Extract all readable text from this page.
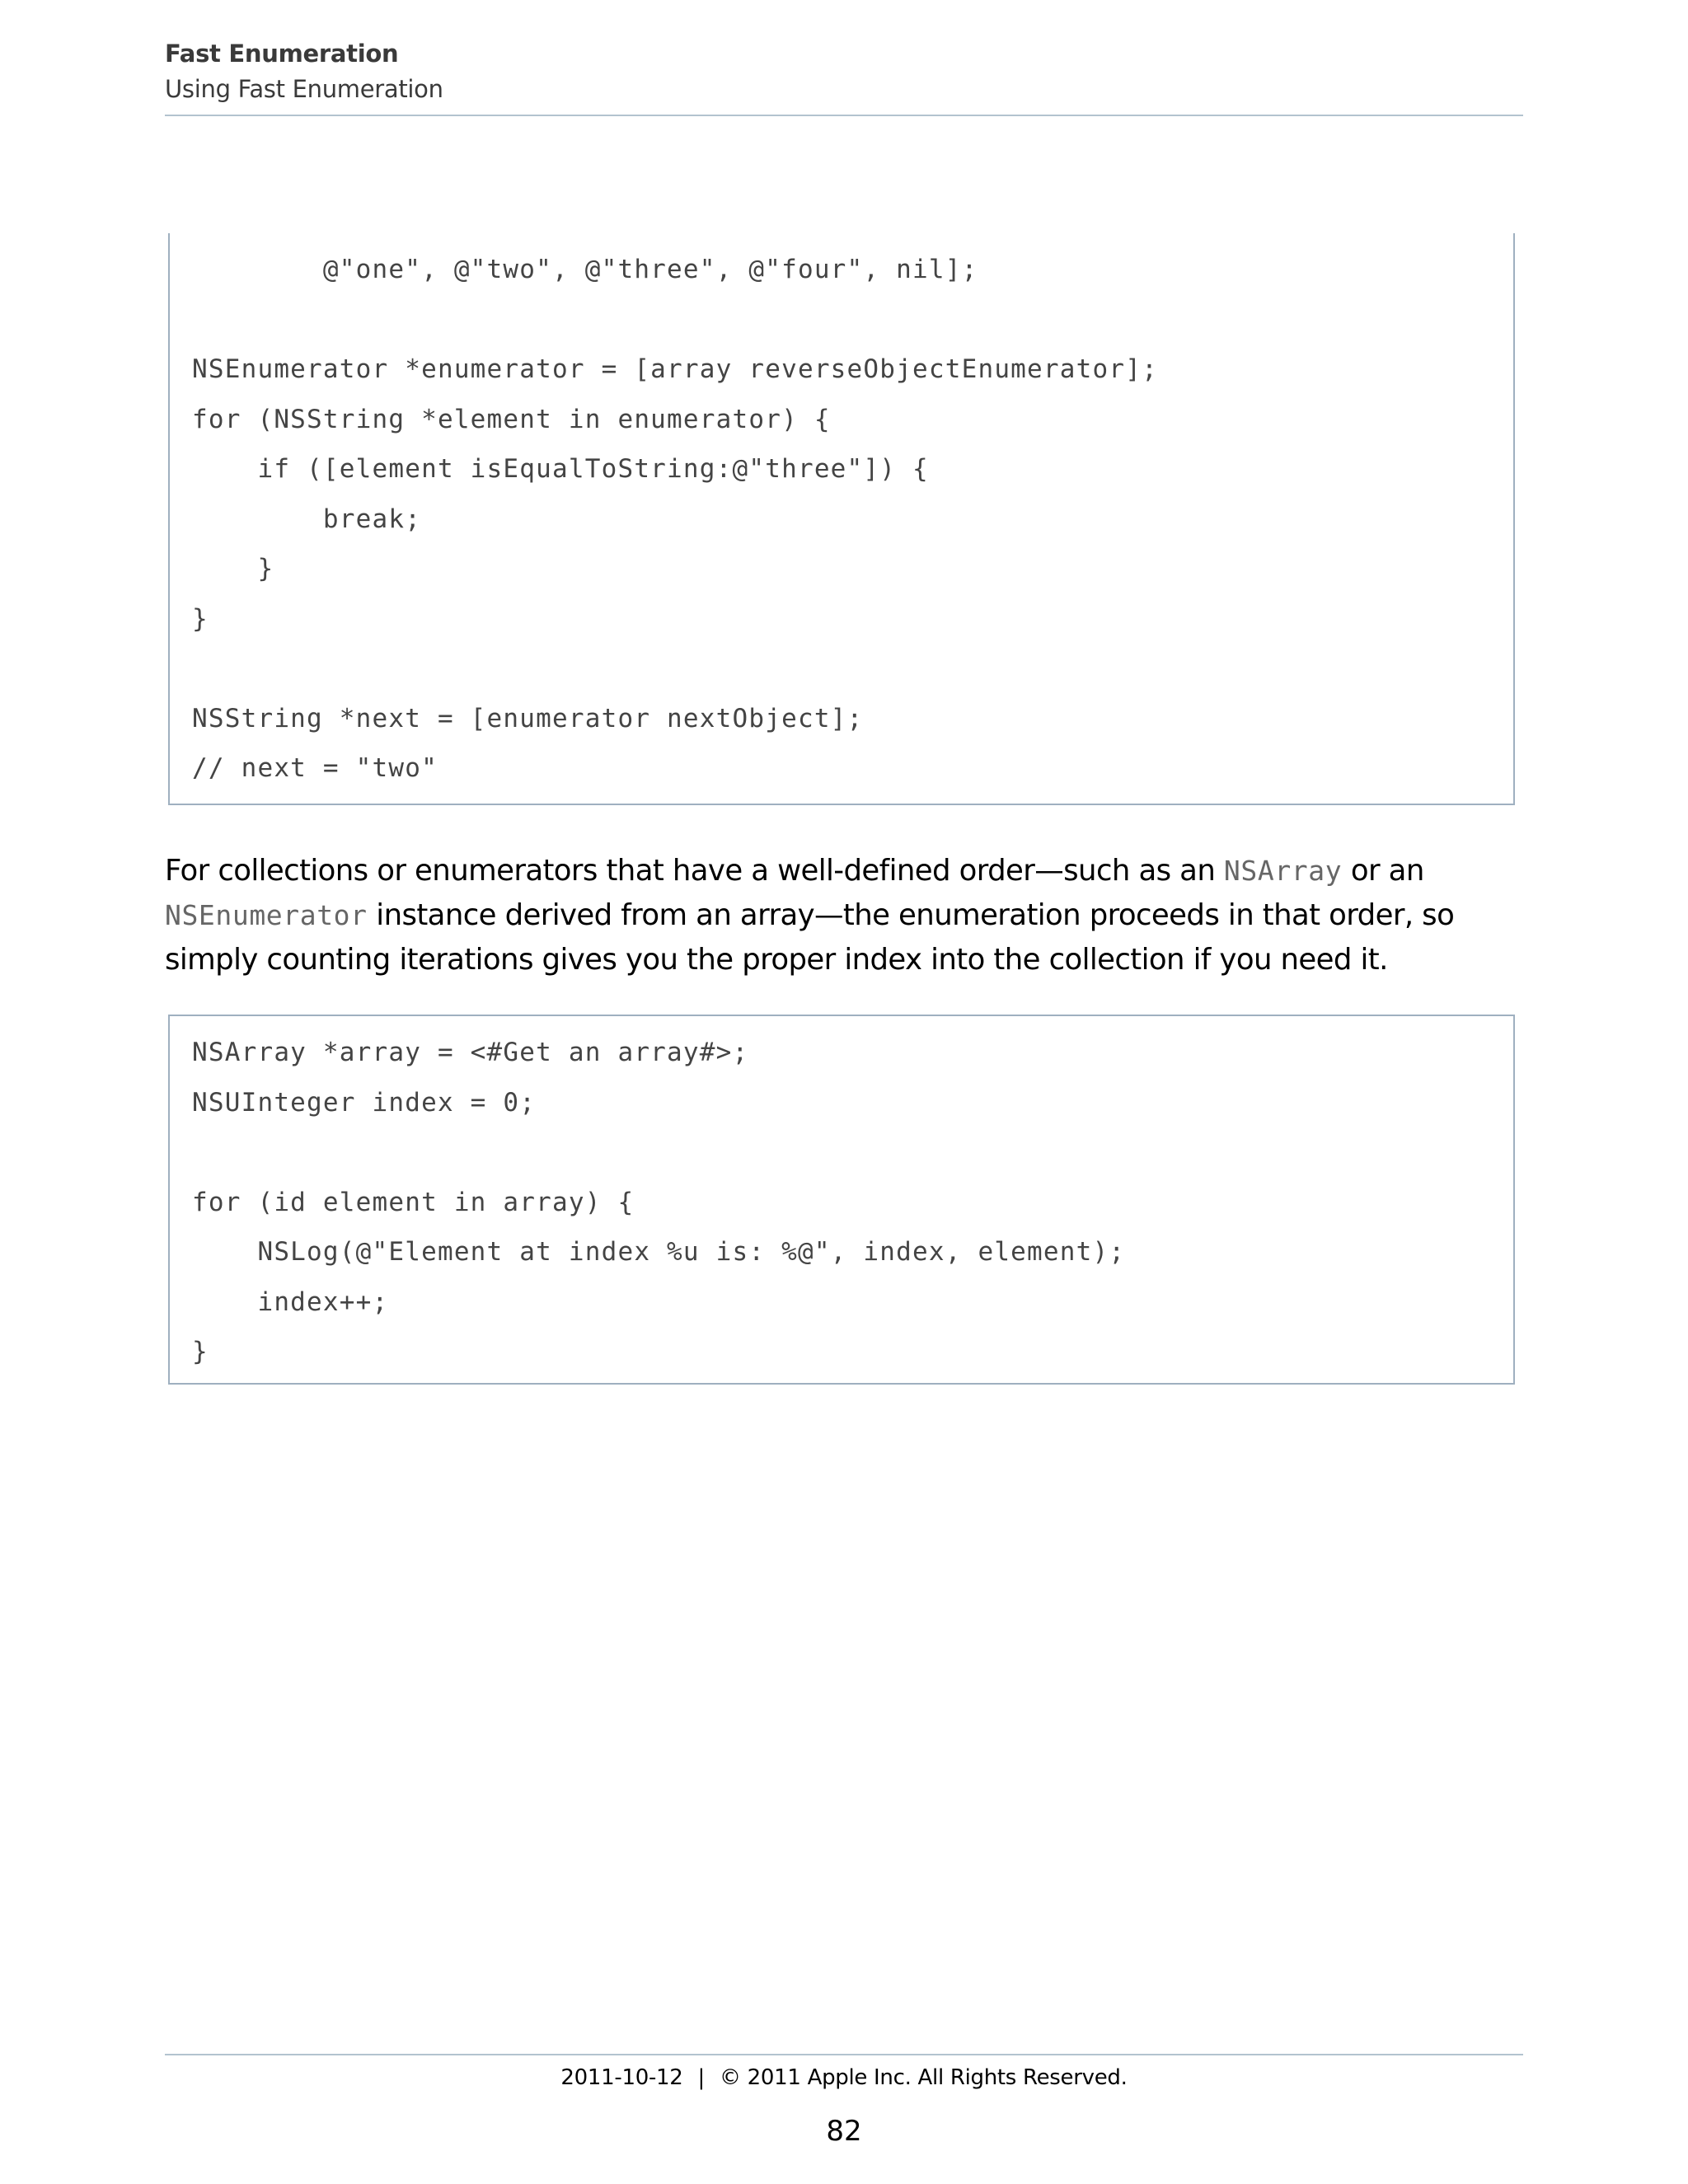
Fast Enumeration
Using Fast Enumeration
@"one", @"two", @"three", @"four", nil];
NSEnumerator *enumerator = [array reverseObjectEnumerator];
for (NSString *element in enumerator) {
if ([element isEqualToString:@"three"]) {
break;
}
}
NSString *next = [enumerator nextObject];
// next = "two"
For collections or enumerators that have a well-defined order—such as an NSArray or an NSEnumerator instance derived from an array—the enumeration proceeds in that order, so simply counting iterations gives you the proper index into the collection if you need it.
NSArray *array = <#Get an array#>;
NSUInteger index = 0;
for (id element in array) {
NSLog(@"Element at index %u is: %@", index, element);
index++;
}
2011-10-12 | © 2011 Apple Inc. All Rights Reserved.
82
